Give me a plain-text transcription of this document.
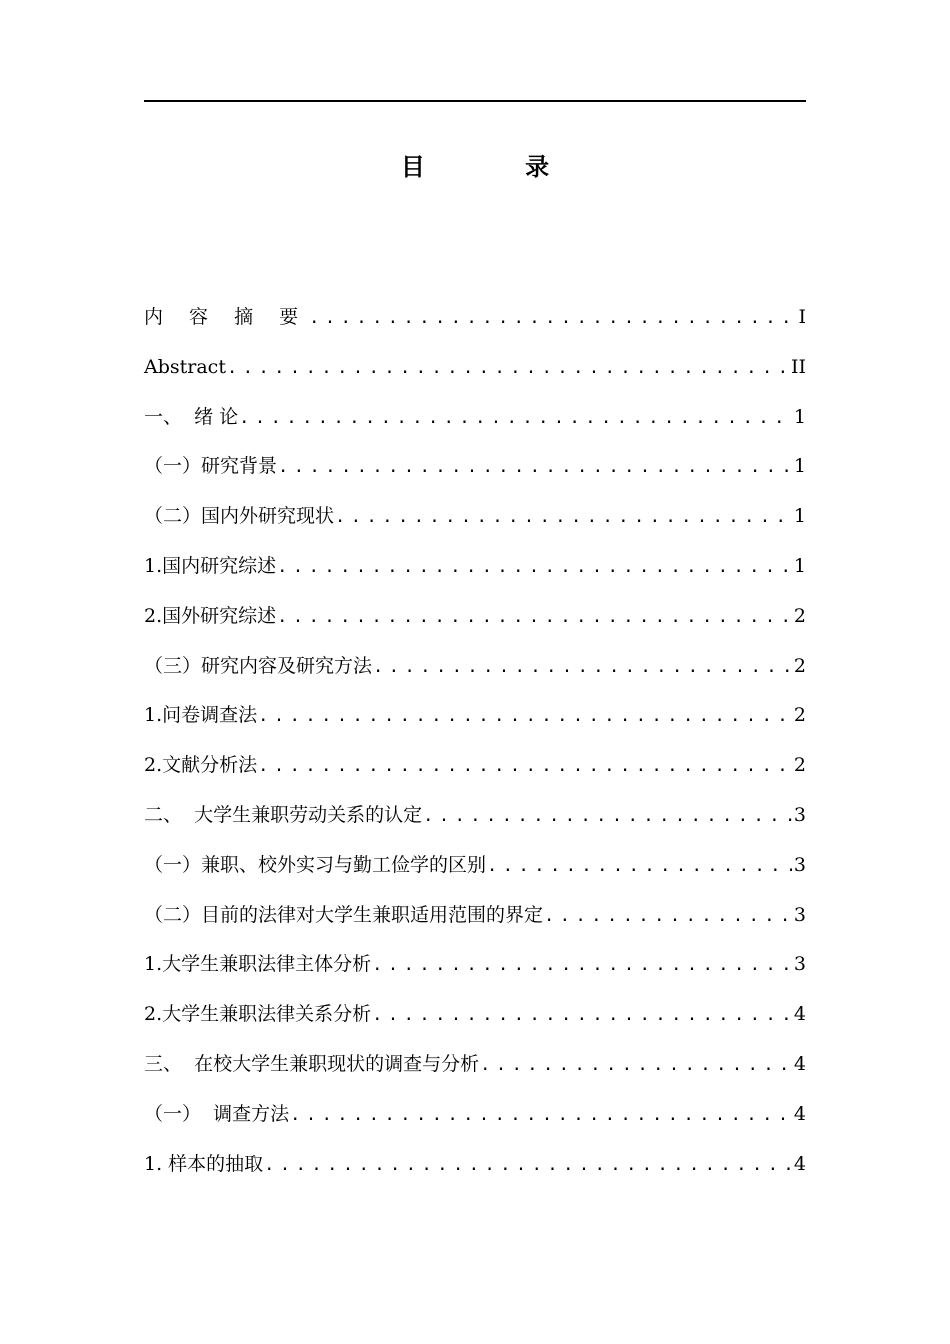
目 录
内 容 摘 要 .....	I
Abstract .....	II
一、  绪 论 .....	1
（一）研究背景 .....	1
（二）国内外研究现状 .....	1
1.国内研究综述 .....	1
2.国外研究综述 .....	2
（三）研究内容及研究方法 .....	2
1.问卷调查法 .....	2
2.文献分析法 .....	2
二、  大学生兼职劳动关系的认定 .....	3
（一）兼职、校外实习与勤工俭学的区别 .....	3
（二）目前的法律对大学生兼职适用范围的界定 .....	3
1.大学生兼职法律主体分析 .....	3
2.大学生兼职法律关系分析 .....	4
三、  在校大学生兼职现状的调查与分析 .....	4
（一）  调查方法 .....	4
1. 样本的抽取 .....	4
